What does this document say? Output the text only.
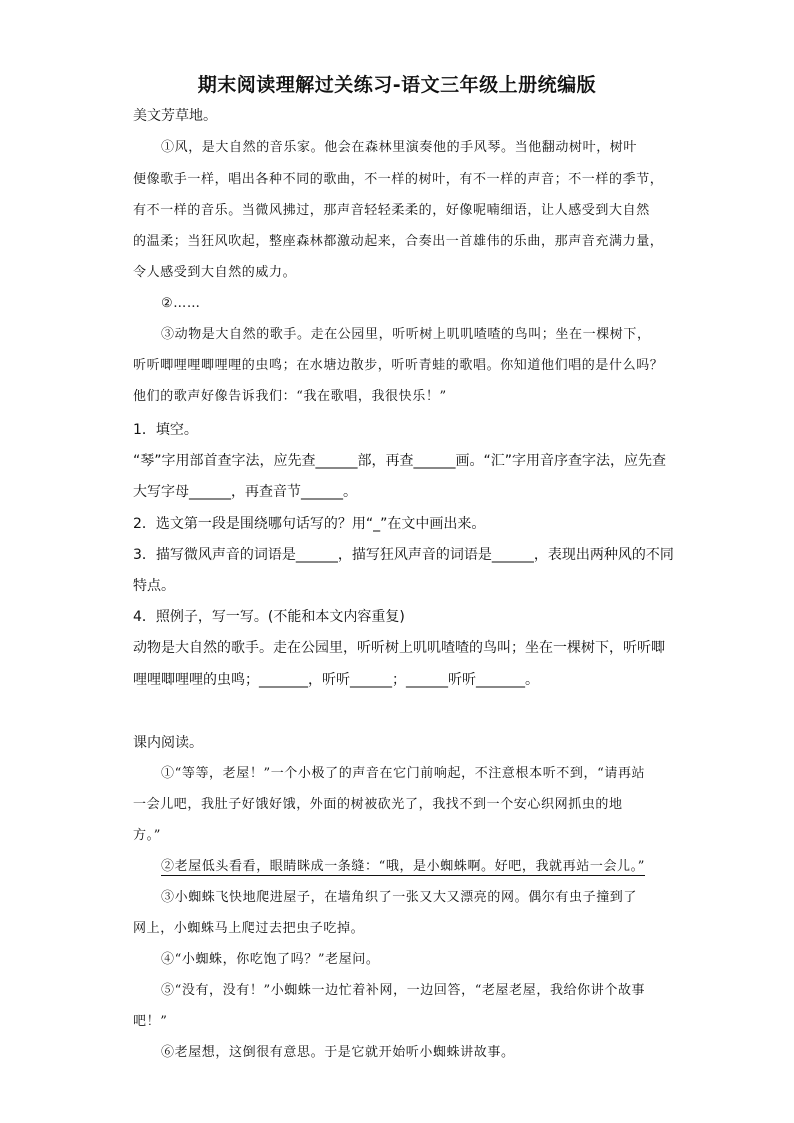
期末阅读理解过关练习-语文三年级上册统编版
美文芳草地。
①风，是大自然的音乐家。他会在森林里演奏他的手风琴。当他翻动树叶，树叶
便像歌手一样，唱出各种不同的歌曲，不一样的树叶，有不一样的声音；不一样的季节，
有不一样的音乐。当微风拂过，那声音轻轻柔柔的，好像呢喃细语，让人感受到大自然
的温柔；当狂风吹起，整座森林都激动起来，合奏出一首雄伟的乐曲，那声音充满力量，
令人感受到大自然的威力。
②……
③动物是大自然的歌手。走在公园里，听听树上叽叽喳喳的鸟叫；坐在一棵树下，
听听唧哩哩唧哩哩的虫鸣；在水塘边散步，听听青蛙的歌唱。你知道他们唱的是什么吗？
他们的歌声好像告诉我们：“我在歌唱，我很快乐！”
1．填空。
“琴”字用部首查字法，应先查______部，再查______画。“汇”字用音序查字法，应先查
大写字母______，再查音节______。
2．选文第一段是围绕哪句话写的？用“_”在文中画出来。
3．描写微风声音的词语是______，描写狂风声音的词语是______，表现出两种风的不同
特点。
4．照例子，写一写。(不能和本文内容重复)
动物是大自然的歌手。走在公园里，听听树上叽叽喳喳的鸟叫；坐在一棵树下，听听唧
哩哩唧哩哩的虫鸣；_______，听听______；______听听_______。
课内阅读。
①“等等，老屋！”一个小极了的声音在它门前响起，不注意根本听不到，“请再站
一会儿吧，我肚子好饿好饿，外面的树被砍光了，我找不到一个安心织网抓虫的地
方。”
②老屋低头看看，眼睛眯成一条缝：“哦，是小蜘蛛啊。好吧，我就再站一会儿。”
③小蜘蛛飞快地爬进屋子，在墙角织了一张又大又漂亮的网。偶尔有虫子撞到了
网上，小蜘蛛马上爬过去把虫子吃掉。
④“小蜘蛛，你吃饱了吗？”老屋问。
⑤“没有，没有！”小蜘蛛一边忙着补网，一边回答，“老屋老屋，我给你讲个故事
吧！”
⑥老屋想，这倒很有意思。于是它就开始听小蜘蛛讲故事。
